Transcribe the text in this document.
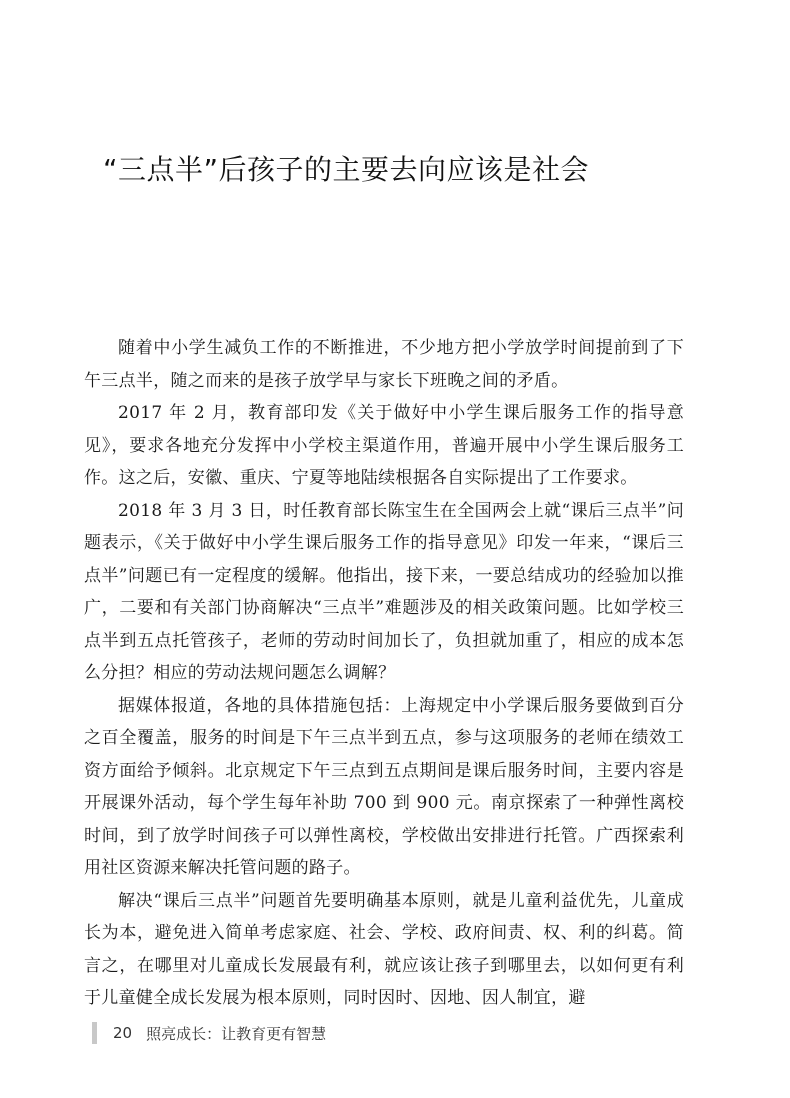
“三点半”后孩子的主要去向应该是社会

随着中小学生减负工作的不断推进，不少地方把小学放学时间提前到了下午三点半，随之而来的是孩子放学早与家长下班晚之间的矛盾。

2017 年 2 月，教育部印发《关于做好中小学生课后服务工作的指导意见》，要求各地充分发挥中小学校主渠道作用，普遍开展中小学生课后服务工作。这之后，安徽、重庆、宁夏等地陆续根据各自实际提出了工作要求。

2018 年 3 月 3 日，时任教育部长陈宝生在全国两会上就“课后三点半”问题表示，《关于做好中小学生课后服务工作的指导意见》印发一年来，“课后三点半”问题已有一定程度的缓解。他指出，接下来，一要总结成功的经验加以推广，二要和有关部门协商解决“三点半”难题涉及的相关政策问题。比如学校三点半到五点托管孩子，老师的劳动时间加长了，负担就加重了，相应的成本怎么分担？相应的劳动法规问题怎么调解？

据媒体报道，各地的具体措施包括：上海规定中小学课后服务要做到百分之百全覆盖，服务的时间是下午三点半到五点，参与这项服务的老师在绩效工资方面给予倾斜。北京规定下午三点到五点期间是课后服务时间，主要内容是开展课外活动，每个学生每年补助 700 到 900 元。南京探索了一种弹性离校时间，到了放学时间孩子可以弹性离校，学校做出安排进行托管。广西探索利用社区资源来解决托管问题的路子。

解决“课后三点半”问题首先要明确基本原则，就是儿童利益优先，儿童成长为本，避免进入简单考虑家庭、社会、学校、政府间责、权、利的纠葛。简言之，在哪里对儿童成长发展最有利，就应该让孩子到哪里去，以如何更有利于儿童健全成长发展为根本原则，同时因时、因地、因人制宜，避

20 照亮成长：让教育更有智慧
